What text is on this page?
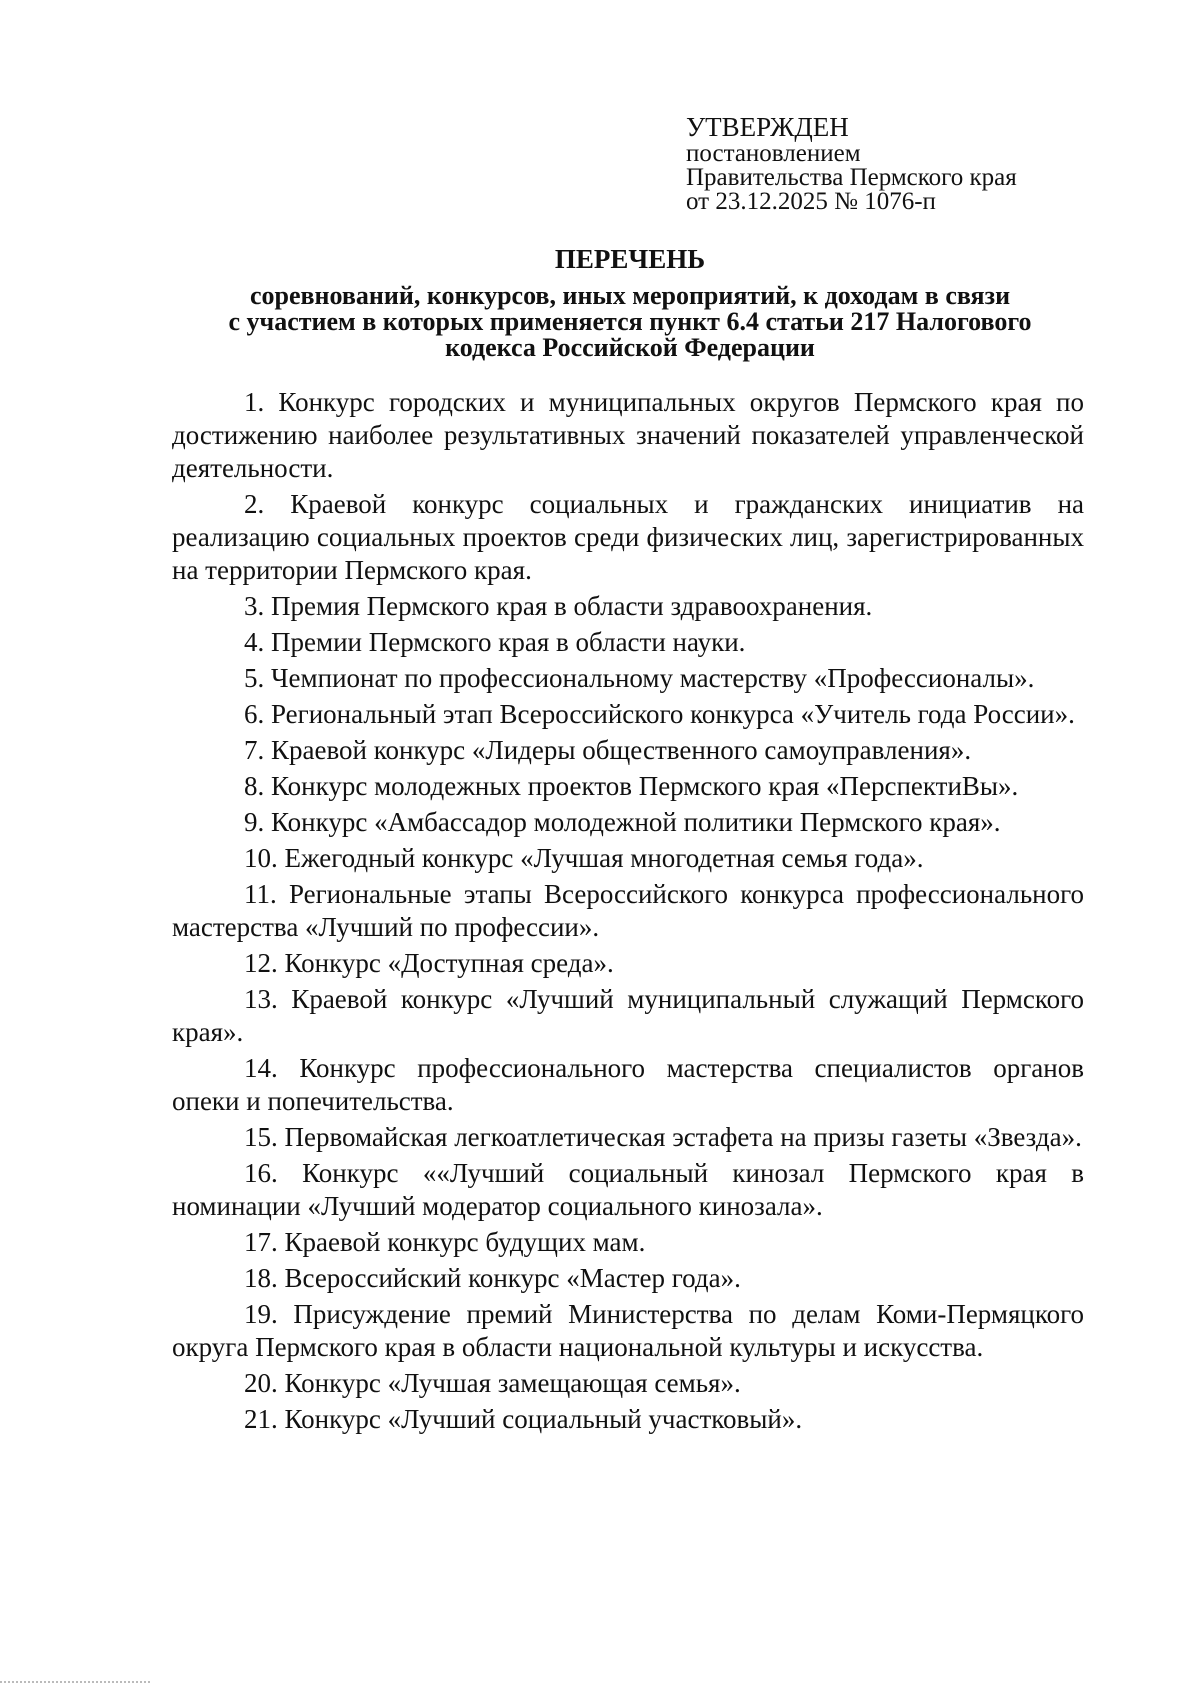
УТВЕРЖДЕН
постановлением
Правительства Пермского края
от 23.12.2025 № 1076-п
ПЕРЕЧЕНЬ
соревнований, конкурсов, иных мероприятий, к доходам в связи
с участием в которых применяется пункт 6.4 статьи 217 Налогового
кодекса Российской Федерации

1. Конкурс городских и муниципальных округов Пермского края по достижению наиболее результативных значений показателей управленческой деятельности.

2. Краевой конкурс социальных и гражданских инициатив на реализацию социальных проектов среди физических лиц, зарегистрированных на территории Пермского края.

3. Премия Пермского края в области здравоохранения.

4. Премии Пермского края в области науки.

5. Чемпионат по профессиональному мастерству «Профессионалы».

6. Региональный этап Всероссийского конкурса «Учитель года России».

7. Краевой конкурс «Лидеры общественного самоуправления».

8. Конкурс молодежных проектов Пермского края «ПерспектиВы».

9. Конкурс «Амбассадор молодежной политики Пермского края».

10. Ежегодный конкурс «Лучшая многодетная семья года».

11. Региональные этапы Всероссийского конкурса профессионального мастерства «Лучший по профессии».

12. Конкурс «Доступная среда».

13. Краевой конкурс «Лучший муниципальный служащий Пермского края».

14. Конкурс профессионального мастерства специалистов органов опеки и попечительства.

15. Первомайская легкоатлетическая эстафета на призы газеты «Звезда».

16. Конкурс ««Лучший социальный кинозал Пермского края в номинации «Лучший модератор социального кинозала».

17. Краевой конкурс будущих мам.

18. Всероссийский конкурс «Мастер года».

19. Присуждение премий Министерства по делам Коми-Пермяцкого округа Пермского края в области национальной культуры и искусства.

20. Конкурс «Лучшая замещающая семья».

21. Конкурс «Лучший социальный участковый».
